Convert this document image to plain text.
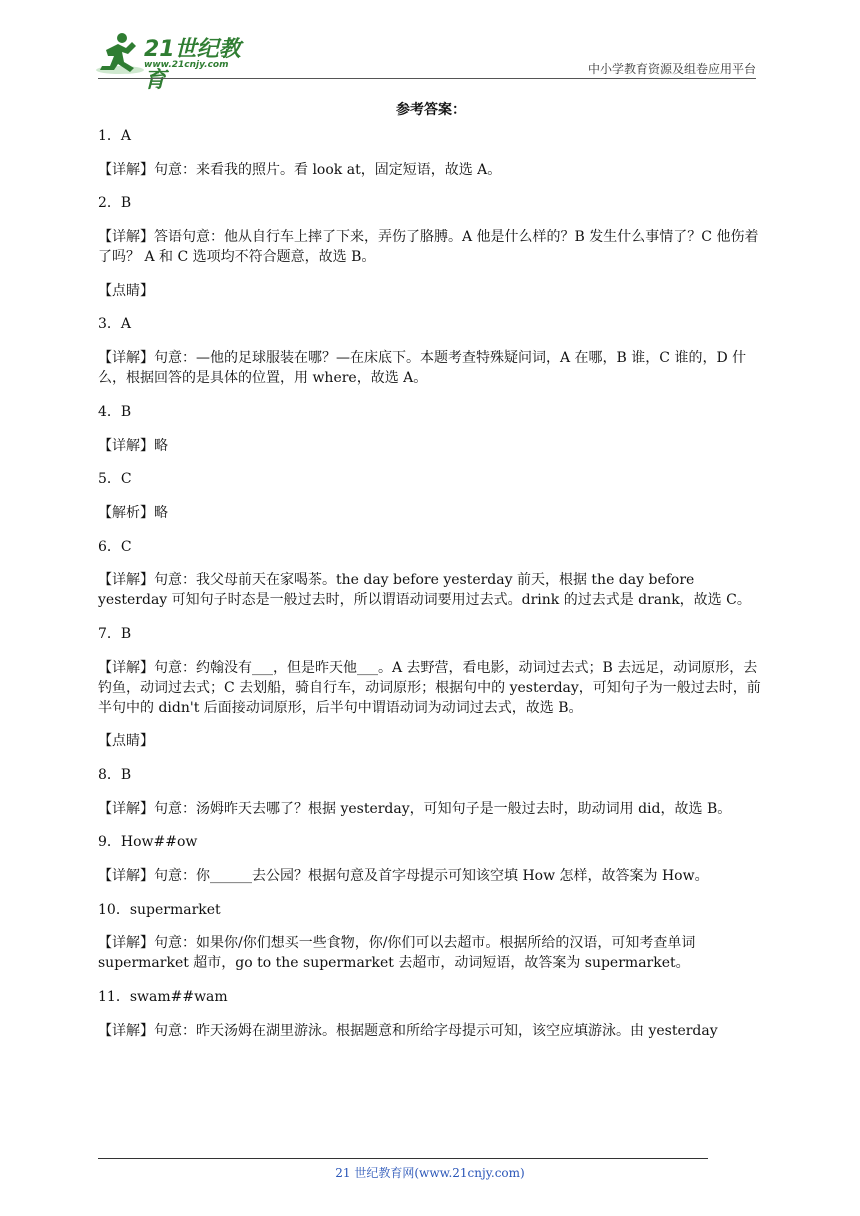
21世纪教育
www.21cnjy.com	中小学教育资源及组卷应用平台
参考答案：
1．A
【详解】句意：来看我的照片。看 look at，固定短语，故选 A。
2．B
【详解】答语句意：他从自行车上摔了下来，弄伤了胳膊。A 他是什么样的？B 发生什么事情了？C 他伤着了吗？ A 和 C 选项均不符合题意，故选 B。
【点睛】
3．A
【详解】句意：—他的足球服装在哪？—在床底下。本题考查特殊疑问词，A 在哪，B 谁，C 谁的，D 什么，根据回答的是具体的位置，用 where，故选 A。
4．B
【详解】略
5．C
【解析】略
6．C
【详解】句意：我父母前天在家喝茶。the day before yesterday 前天，根据 the day before yesterday 可知句子时态是一般过去时，所以谓语动词要用过去式。drink 的过去式是 drank，故选 C。
7．B
【详解】句意：约翰没有___，但是昨天他___。A 去野营，看电影，动词过去式；B 去远足，动词原形，去钓鱼，动词过去式；C 去划船，骑自行车，动词原形；根据句中的 yesterday，可知句子为一般过去时，前半句中的 didn't 后面接动词原形，后半句中谓语动词为动词过去式，故选 B。
【点睛】
8．B
【详解】句意：汤姆昨天去哪了？根据 yesterday，可知句子是一般过去时，助动词用 did，故选 B。
9．How##ow
【详解】句意：你______去公园？根据句意及首字母提示可知该空填 How 怎样，故答案为 How。
10．supermarket
【详解】句意：如果你/你们想买一些食物，你/你们可以去超市。根据所给的汉语，可知考查单词 supermarket 超市，go to the supermarket 去超市，动词短语，故答案为 supermarket。
11．swam##wam
【详解】句意：昨天汤姆在湖里游泳。根据题意和所给字母提示可知，该空应填游泳。由 yesterday
21 世纪教育网(www.21cnjy.com)
